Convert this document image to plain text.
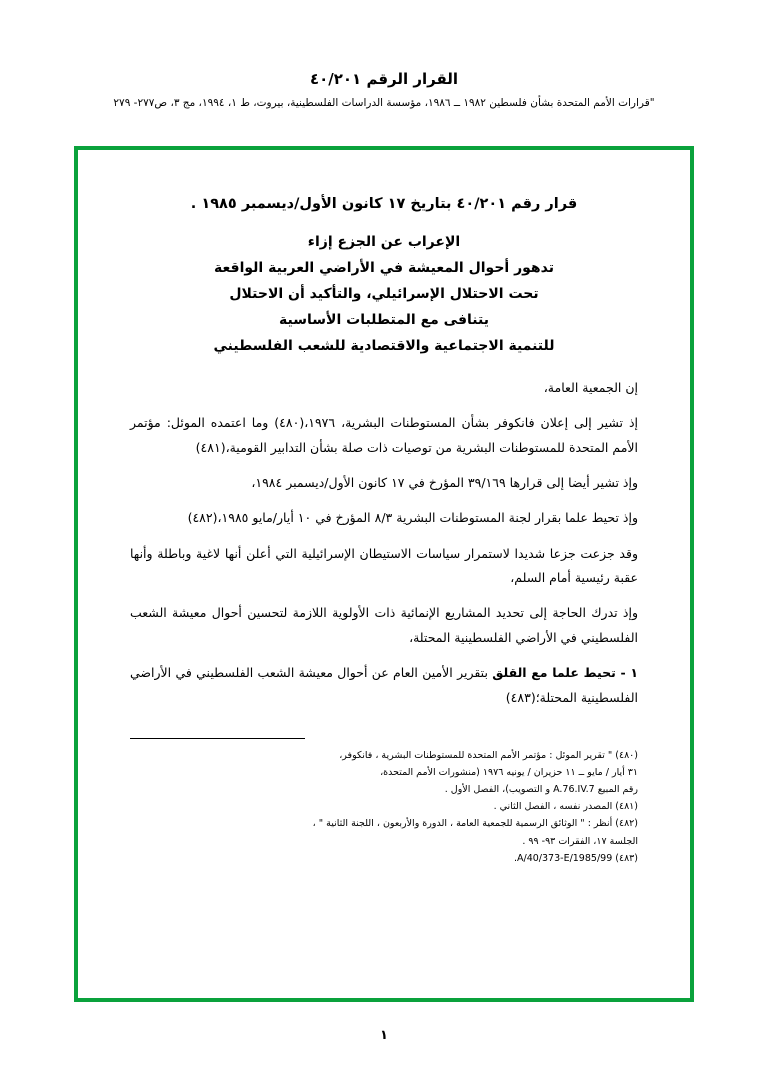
القرار الرقم ٤٠/٢٠١
"قرارات الأمم المتحدة بشأن فلسطين ١٩٨٢ ــ ١٩٨٦، مؤسسة الدراسات الفلسطينية، بيروت، ط ١، ١٩٩٤، مج ٣، ص٢٧٧- ٢٧٩
قرار رقم ٤٠/٢٠١ بتاريخ ١٧ كانون الأول/ديسمبر ١٩٨٥ .
الإعراب عن الجزع إزاء
تدهور أحوال المعيشة في الأراضي العربية الواقعة
تحت الاحتلال الإسرائيلي، والتأكيد أن الاحتلال
يتنافى مع المتطلبات الأساسية
للتنمية الاجتماعية والاقتصادية للشعب الفلسطيني
إن الجمعية العامة،
إذ تشير إلى إعلان فانكوفر بشأن المستوطنات البشرية، ١٩٧٦،(٤٨٠) وما اعتمده الموئل: مؤتمر الأمم المتحدة للمستوطنات البشرية من توصيات ذات صلة بشأن التدابير القومية،(٤٨١)
وإذ تشير أيضا إلى قرارها ٣٩/١٦٩ المؤرخ في ١٧ كانون الأول/ديسمبر ١٩٨٤،
وإذ تحيط علما بقرار لجنة المستوطنات البشرية ٨/٣ المؤرخ في ١٠ أيار/مايو ١٩٨٥،(٤٨٢)
وقد جزعت جزعا شديدا لاستمرار سياسات الاستيطان الإسرائيلية التي أعلن أنها لاغية وباطلة وأنها عقبة رئيسية أمام السلم،
وإذ تدرك الحاجة إلى تحديد المشاريع الإنمائية ذات الأولوية اللازمة لتحسين أحوال معيشة الشعب الفلسطيني في الأراضي الفلسطينية المحتلة،
١ - تحيط علما مع القلق بتقرير الأمين العام عن أحوال معيشة الشعب الفلسطيني في الأراضي الفلسطينية المحتلة؛(٤٨٣)
(٤٨٠) " تقرير الموئل : مؤتمر الأمم المتحدة للمستوطنات البشرية ، فانكوفر،
٣١ أيار / مايو ــ ١١ حزيران / يونيه ١٩٧٦ (منشورات الأمم المتحدة،
رقم المبيع A.76.IV.7 و التصويب)، الفصل الأول .
(٤٨١) المصدر نفسه ، الفصل الثاني .
(٤٨٢) أنظر : " الوثائق الرسمية للجمعية العامة ، الدورة والأربعون ، اللجنة الثانية " ،
الجلسة ١٧، الفقرات ٩٣- ٩٩ .
(٤٨٣) A/40/373-E/1985/99.
١
